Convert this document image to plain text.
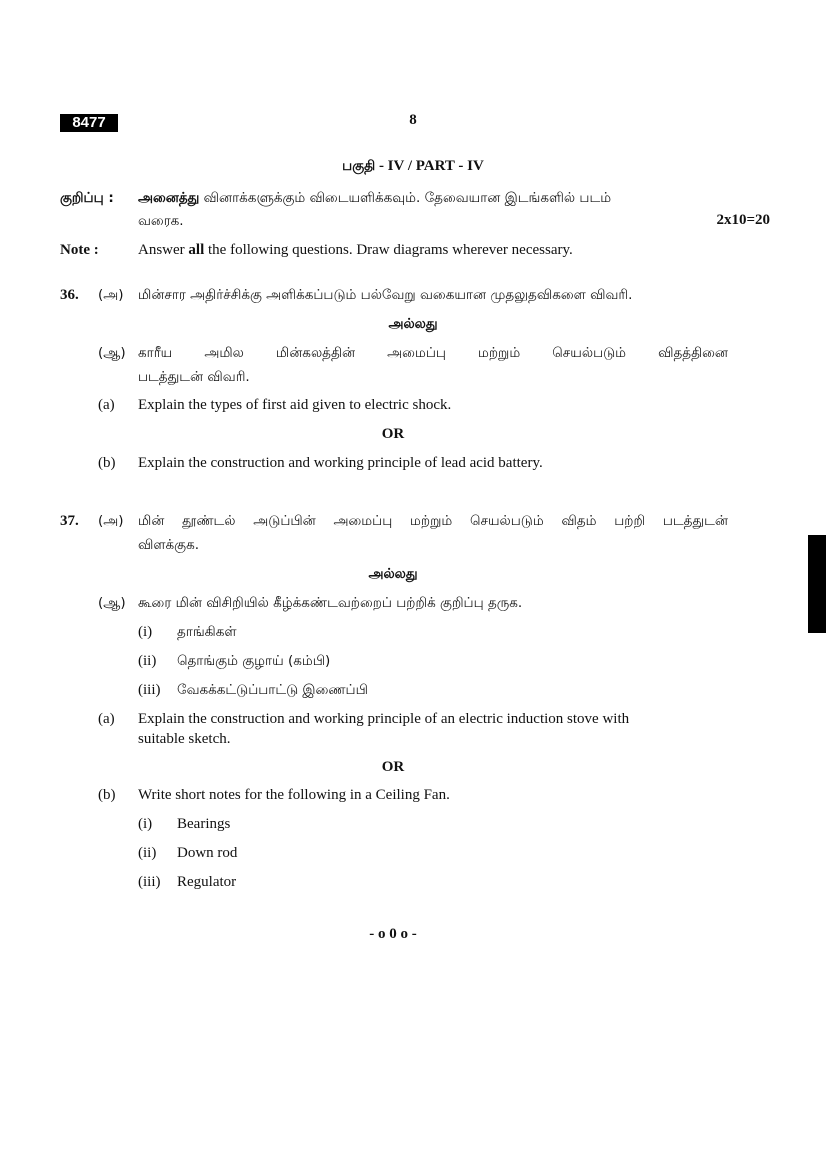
8477	8
பகுதி - IV / PART - IV
குறிப்பு : அனைத்து வினாக்களுக்கும் விடையளிக்கவும். தேவையான இடங்களில் படம்
வரைக.	2x10=20
Note :	Answer all the following questions. Draw diagrams wherever necessary.
36. (அ) மின்சார அதிர்ச்சிக்கு அளிக்கப்படும் பல்வேறு வகையான முதலுதவிகளை விவரி.
அல்லது
(ஆ) காரீய அமில மின்கலத்தின் அமைப்பு மற்றும் செயல்படும் விதத்தினை
படத்துடன் விவரி.
(a) Explain the types of first aid given to electric shock.
OR
(b) Explain the construction and working principle of lead acid battery.
37. (அ) மின் தூண்டல் அடுப்பின் அமைப்பு மற்றும் செயல்படும் விதம் பற்றி படத்துடன்
விளக்குக.
அல்லது
(ஆ) கூரை மின் விசிறியில் கீழ்க்கண்டவற்றைப் பற்றிக் குறிப்பு தருக.
(i) தாங்கிகள்
(ii) தொங்கும் குழாய் (கம்பி)
(iii) வேகக்கட்டுப்பாட்டு இணைப்பி
(a) Explain the construction and working principle of an electric induction stove with
suitable sketch.
OR
(b) Write short notes for the following in a Ceiling Fan.
(i) Bearings
(ii) Down rod
(iii) Regulator
- o 0 o -
